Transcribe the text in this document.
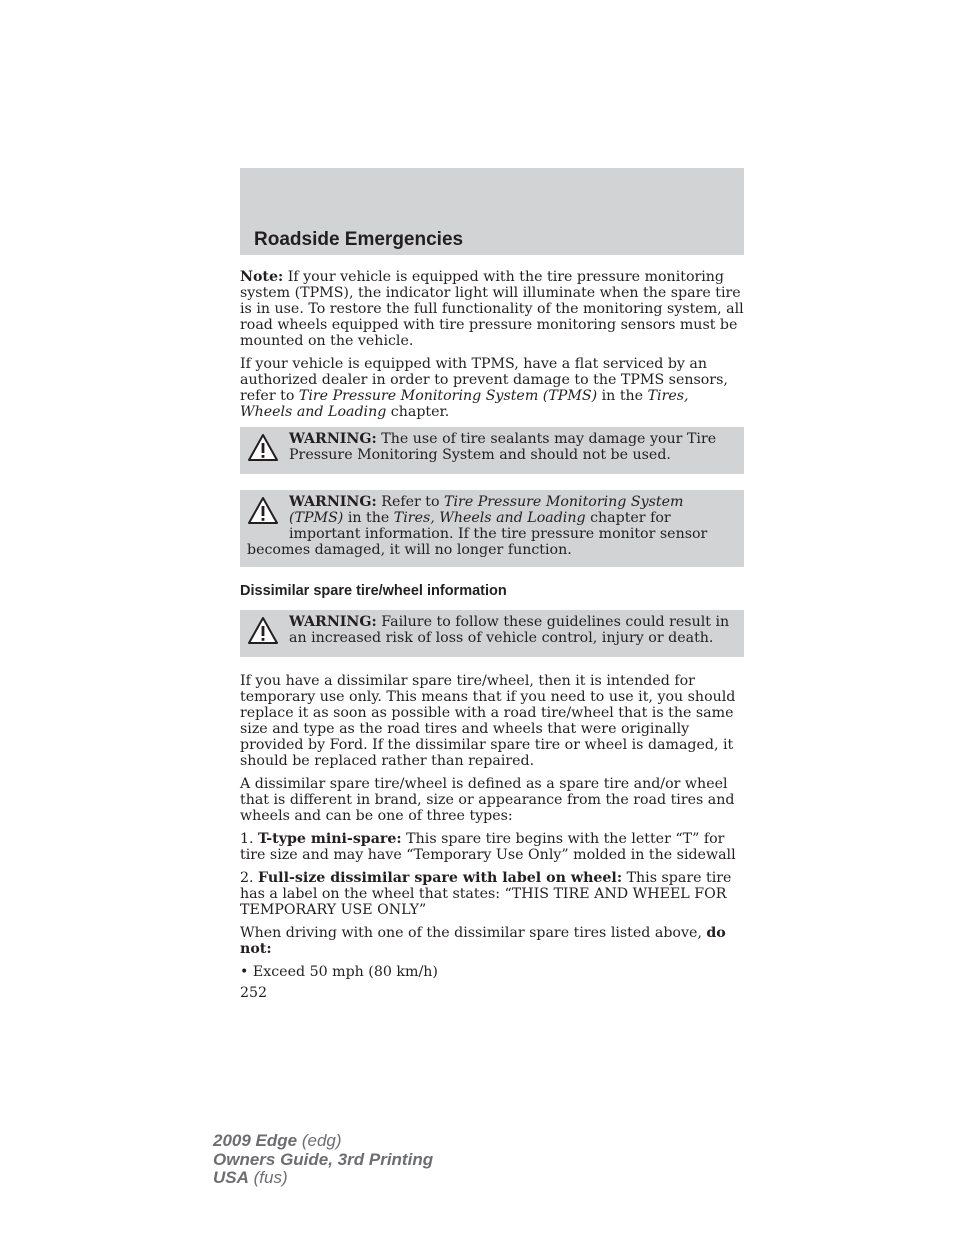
Roadside Emergencies

Note: If your vehicle is equipped with the tire pressure monitoring system (TPMS), the indicator light will illuminate when the spare tire is in use. To restore the full functionality of the monitoring system, all road wheels equipped with tire pressure monitoring sensors must be mounted on the vehicle.

If your vehicle is equipped with TPMS, have a flat serviced by an authorized dealer in order to prevent damage to the TPMS sensors, refer to Tire Pressure Monitoring System (TPMS) in the Tires, Wheels and Loading chapter.

WARNING: The use of tire sealants may damage your Tire Pressure Monitoring System and should not be used.
WARNING: Refer to Tire Pressure Monitoring System (TPMS) in the Tires, Wheels and Loading chapter for important information. If the tire pressure monitor sensor becomes damaged, it will no longer function.
Dissimilar spare tire/wheel information
WARNING: Failure to follow these guidelines could result in an increased risk of loss of vehicle control, injury or death.

If you have a dissimilar spare tire/wheel, then it is intended for temporary use only. This means that if you need to use it, you should replace it as soon as possible with a road tire/wheel that is the same size and type as the road tires and wheels that were originally provided by Ford. If the dissimilar spare tire or wheel is damaged, it should be replaced rather than repaired.

A dissimilar spare tire/wheel is defined as a spare tire and/or wheel that is different in brand, size or appearance from the road tires and wheels and can be one of three types:

1. T-type mini-spare: This spare tire begins with the letter “T” for tire size and may have “Temporary Use Only” molded in the sidewall

2. Full-size dissimilar spare with label on wheel: This spare tire has a label on the wheel that states: “THIS TIRE AND WHEEL FOR TEMPORARY USE ONLY”

When driving with one of the dissimilar spare tires listed above, do not:

• Exceed 50 mph (80 km/h)

252

2009 Edge (edg)
Owners Guide, 3rd Printing
USA (fus)
